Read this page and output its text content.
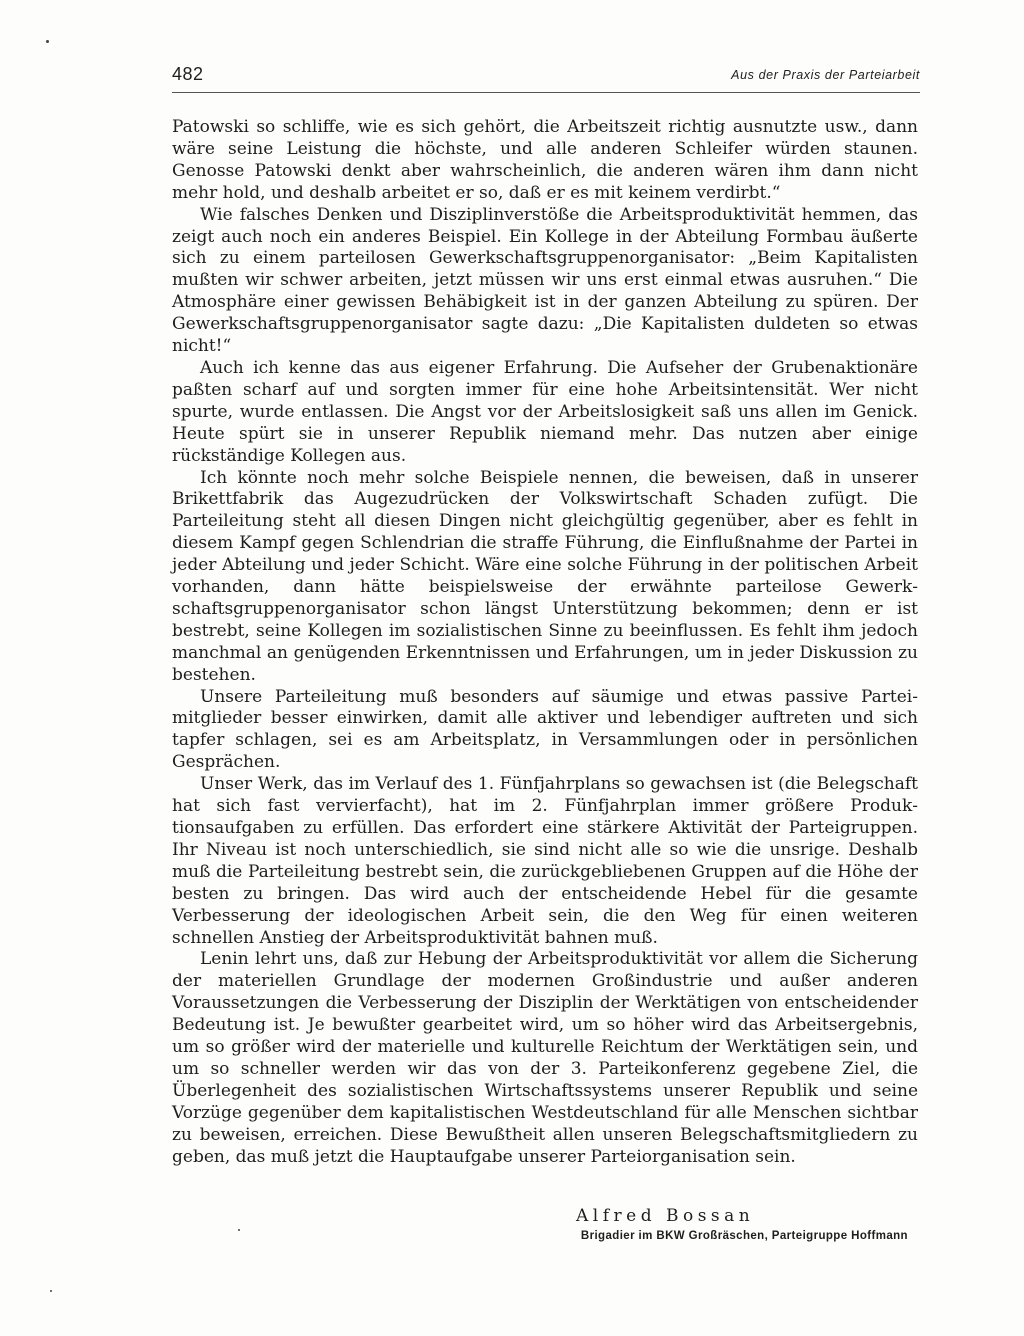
482	Aus der Praxis der Parteiarbeit

Patowski so schliffe, wie es sich gehört, die Arbeitszeit richtig ausnutzte usw., dann wäre seine Leistung die höchste, und alle anderen Schleifer würden staunen. Genosse Patowski denkt aber wahrscheinlich, die anderen wären ihm dann nicht mehr hold, und deshalb arbeitet er so, daß er es mit keinem verdirbt.“

Wie falsches Denken und Disziplinverstöße die Arbeitsproduktivität hemmen, das zeigt auch noch ein anderes Beispiel. Ein Kollege in der Abteilung Formbau äußerte sich zu einem parteilosen Gewerkschaftsgruppenorganisator: „Beim Kapitalisten mußten wir schwer arbeiten, jetzt müssen wir uns erst einmal etwas ausruhen.“ Die Atmosphäre einer gewissen Behäbigkeit ist in der ganzen Abteilung zu spüren. Der Gewerkschaftsgruppenorganisator sagte dazu: „Die Kapitalisten duldeten so etwas nicht!“

Auch ich kenne das aus eigener Erfahrung. Die Aufseher der Grubenaktionäre paßten scharf auf und sorgten immer für eine hohe Arbeitsintensität. Wer nicht spurte, wurde entlassen. Die Angst vor der Arbeitslosigkeit saß uns allen im Genick. Heute spürt sie in unserer Republik niemand mehr. Das nutzen aber einige rückständige Kollegen aus.

Ich könnte noch mehr solche Beispiele nennen, die beweisen, daß in unserer Brikettfabrik das Augezudrücken der Volkswirtschaft Schaden zufügt. Die Parteileitung steht all diesen Dingen nicht gleichgültig gegenüber, aber es fehlt in diesem Kampf gegen Schlendrian die straffe Führung, die Einflußnahme der Partei in jeder Abteilung und jeder Schicht. Wäre eine solche Führung in der politischen Arbeit vorhanden, dann hätte beispielsweise der erwähnte parteilose Gewerkschaftsgruppenorganisator schon längst Unterstützung bekommen; denn er ist bestrebt, seine Kollegen im sozialistischen Sinne zu beeinflussen. Es fehlt ihm jedoch manchmal an genügenden Erkenntnissen und Erfahrungen, um in jeder Diskussion zu bestehen.

Unsere Parteileitung muß besonders auf säumige und etwas passive Parteimitglieder besser einwirken, damit alle aktiver und lebendiger auftreten und sich tapfer schlagen, sei es am Arbeitsplatz, in Versammlungen oder in persönlichen Gesprächen.

Unser Werk, das im Verlauf des 1. Fünfjahrplans so gewachsen ist (die Belegschaft hat sich fast vervierfacht), hat im 2. Fünfjahrplan immer größere Produktionsaufgaben zu erfüllen. Das erfordert eine stärkere Aktivität der Parteigruppen. Ihr Niveau ist noch unterschiedlich, sie sind nicht alle so wie die unsrige. Deshalb muß die Parteileitung bestrebt sein, die zurückgebliebenen Gruppen auf die Höhe der besten zu bringen. Das wird auch der entscheidende Hebel für die gesamte Verbesserung der ideologischen Arbeit sein, die den Weg für einen weiteren schnellen Anstieg der Arbeitsproduktivität bahnen muß.

Lenin lehrt uns, daß zur Hebung der Arbeitsproduktivität vor allem die Sicherung der materiellen Grundlage der modernen Großindustrie und außer anderen Voraussetzungen die Verbesserung der Disziplin der Werktätigen von entscheidender Bedeutung ist. Je bewußter gearbeitet wird, um so höher wird das Arbeitsergebnis, um so größer wird der materielle und kulturelle Reichtum der Werktätigen sein, und um so schneller werden wir das von der 3. Parteikonferenz gegebene Ziel, die Überlegenheit des sozialistischen Wirtschaftssystems unserer Republik und seine Vorzüge gegenüber dem kapitalistischen Westdeutschland für alle Menschen sichtbar zu beweisen, erreichen. Diese Bewußtheit allen unseren Belegschaftsmitgliedern zu geben, das muß jetzt die Hauptaufgabe unserer Parteiorganisation sein.

Alfred Bossan
Brigadier im BKW Großräschen, Parteigruppe Hoffmann
